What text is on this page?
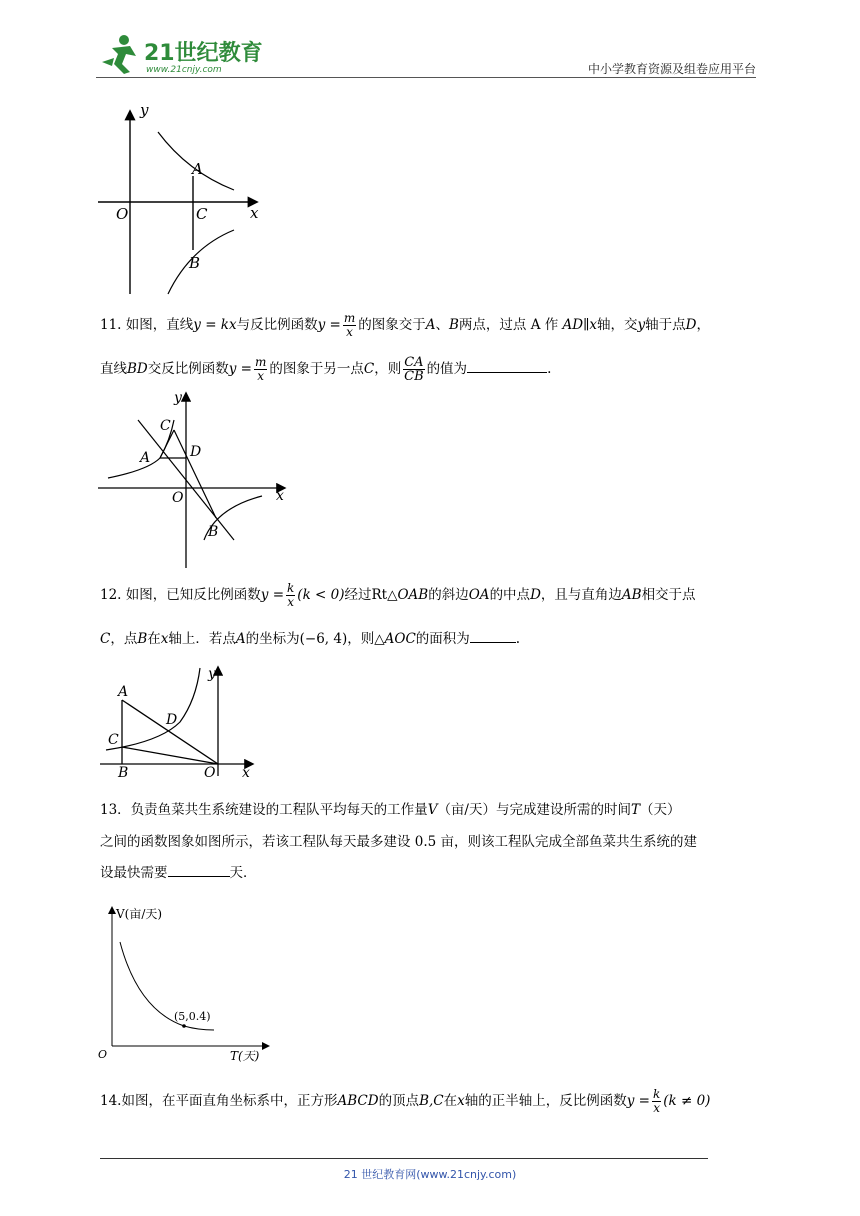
21世纪教育
www.21cnjy.com	中小学教育资源及组卷应用平台
y
x
O
A
C
B
11. 如图，直线y = kx与反比例函数$y = \frac{m}{x}$ 的图象交于A、B两点，过点 A 作 AD∥x轴，交y轴于点D，
直线BD交反比例函数$y = \frac{m}{x}$ 的图象于另一点C，则 $\frac{CA}{CB}$ 的值为	.
y
x
O
A
C
D
B
12. 如图，已知反比例函数$y = \frac{k}{x} (k < 0)$经过Rt△OAB的斜边OA的中点D，且与直角边AB相交于点
C，点B在x轴上．若点A的坐标为(−6, 4)，则△AOC的面积为	.
y
x
O
A
B
C
D
13．负责鱼菜共生系统建设的工程队平均每天的工作量V（亩/天）与完成建设所需的时间T（天）
之间的函数图象如图所示，若该工程队每天最多建设 0.5 亩，则该工程队完成全部鱼菜共生系统的建
设最快需要	天．
V(亩/天)
T(天)
O
(5,0.4)
14.如图，在平面直角坐标系中，正方形ABCD的顶点B,C在x轴的正半轴上，反比例函数$y = \frac{k}{x} (k \ne 0)$
21 世纪教育网(www.21cnjy.com)
